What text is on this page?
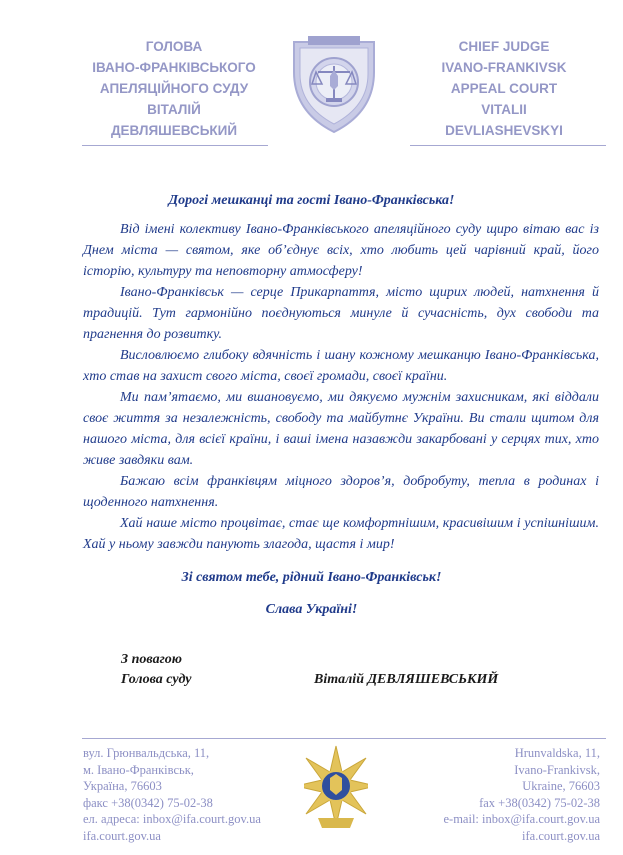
ГОЛОВА
ІВАНО-ФРАНКІВСЬКОГО
АПЕЛЯЦІЙНОГО СУДУ
ВІТАЛІЙ
ДЕВЛЯШЕВСЬКИЙ
CHIEF JUDGE
IVANO-FRANKIVSK
APPEAL COURT
VITALII
DEVLIASHEVSKYI
Дорогі мешканці та гості Івано-Франківська!

Від імені колективу Івано-Франківського апеляційного суду щиро вітаю вас із Днем міста — святом, яке об’єднує всіх, хто любить цей чарівний край, його історію, культуру та неповторну атмосферу!

Івано-Франківськ — серце Прикарпаття, місто щирих людей, натхнення й традицій. Тут гармонійно поєднуються минуле й сучасність, дух свободи та прагнення до розвитку.

Висловлюємо глибоку вдячність і шану кожному мешканцю Івано-Франківська, хто став на захист свого міста, своєї громади, своєї країни.

Ми пам’ятаємо, ми вшановуємо, ми дякуємо мужнім захисникам, які віддали своє життя за незалежність, свободу та майбутнє України. Ви стали щитом для нашого міста, для всієї країни, і ваші імена назавжди закарбовані у серцях тих, хто живе завдяки вам.

Бажаю всім франківцям міцного здоров’я, добробуту, тепла в родинах і щоденного натхнення.

Хай наше місто процвітає, стає ще комфортнішим, красивішим і успішнішим. Хай у ньому завжди панують злагода, щастя і мир!

Зі святом тебе, рідний Івано-Франківськ!
Слава Україні!
З повагою
Голова суду	Віталій ДЕВЛЯШЕВСЬКИЙ
вул. Грюнвальдська, 11,
м. Івано-Франківськ,
Україна, 76603
факс +38(0342) 75-02-38
ел. адреса: inbox@ifa.court.gov.ua
ifa.court.gov.ua
Hrunvaldska, 11,
Ivano-Frankivsk,
Ukraine, 76603
fax +38(0342) 75-02-38
e-mail: inbox@ifa.court.gov.ua
ifa.court.gov.ua
